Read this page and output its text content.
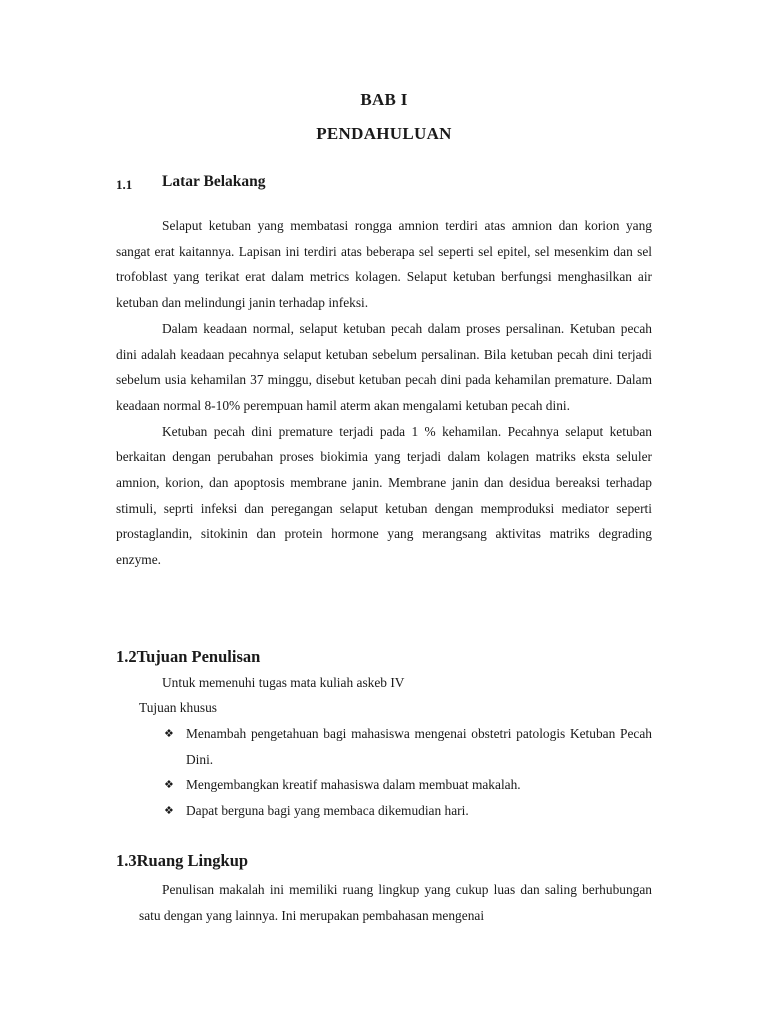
BAB I
PENDAHULUAN
1.1 Latar Belakang

Selaput ketuban yang membatasi rongga amnion terdiri atas amnion dan korion yang sangat erat kaitannya. Lapisan ini terdiri atas beberapa sel seperti sel epitel, sel mesenkim dan sel trofoblast yang terikat erat dalam metrics kolagen. Selaput ketuban berfungsi menghasilkan air ketuban dan melindungi janin terhadap infeksi.

Dalam keadaan normal, selaput ketuban pecah dalam proses persalinan. Ketuban pecah dini adalah keadaan pecahnya selaput ketuban sebelum persalinan. Bila ketuban pecah dini terjadi sebelum usia kehamilan 37 minggu, disebut ketuban pecah dini pada kehamilan premature. Dalam keadaan normal 8-10% perempuan hamil aterm akan mengalami ketuban pecah dini.

Ketuban pecah dini premature terjadi pada 1 % kehamilan. Pecahnya selaput ketuban berkaitan dengan perubahan proses biokimia yang terjadi dalam kolagen matriks eksta seluler amnion, korion, dan apoptosis membrane janin. Membrane janin dan desidua bereaksi terhadap stimuli, seprti infeksi dan peregangan selaput ketuban dengan memproduksi mediator seperti prostaglandin, sitokinin dan protein hormone yang merangsang aktivitas matriks degrading enzyme.

1.2Tujuan Penulisan
Untuk memenuhi tugas mata kuliah askeb IV
Tujuan khusus
❖ Menambah pengetahuan bagi mahasiswa mengenai obstetri patologis Ketuban Pecah Dini.
❖ Mengembangkan kreatif mahasiswa dalam membuat makalah.
❖ Dapat berguna bagi yang membaca dikemudian hari.
1.3Ruang Lingkup

Penulisan makalah ini memiliki ruang lingkup yang cukup luas dan saling berhubungan satu dengan yang lainnya. Ini merupakan pembahasan mengenai
